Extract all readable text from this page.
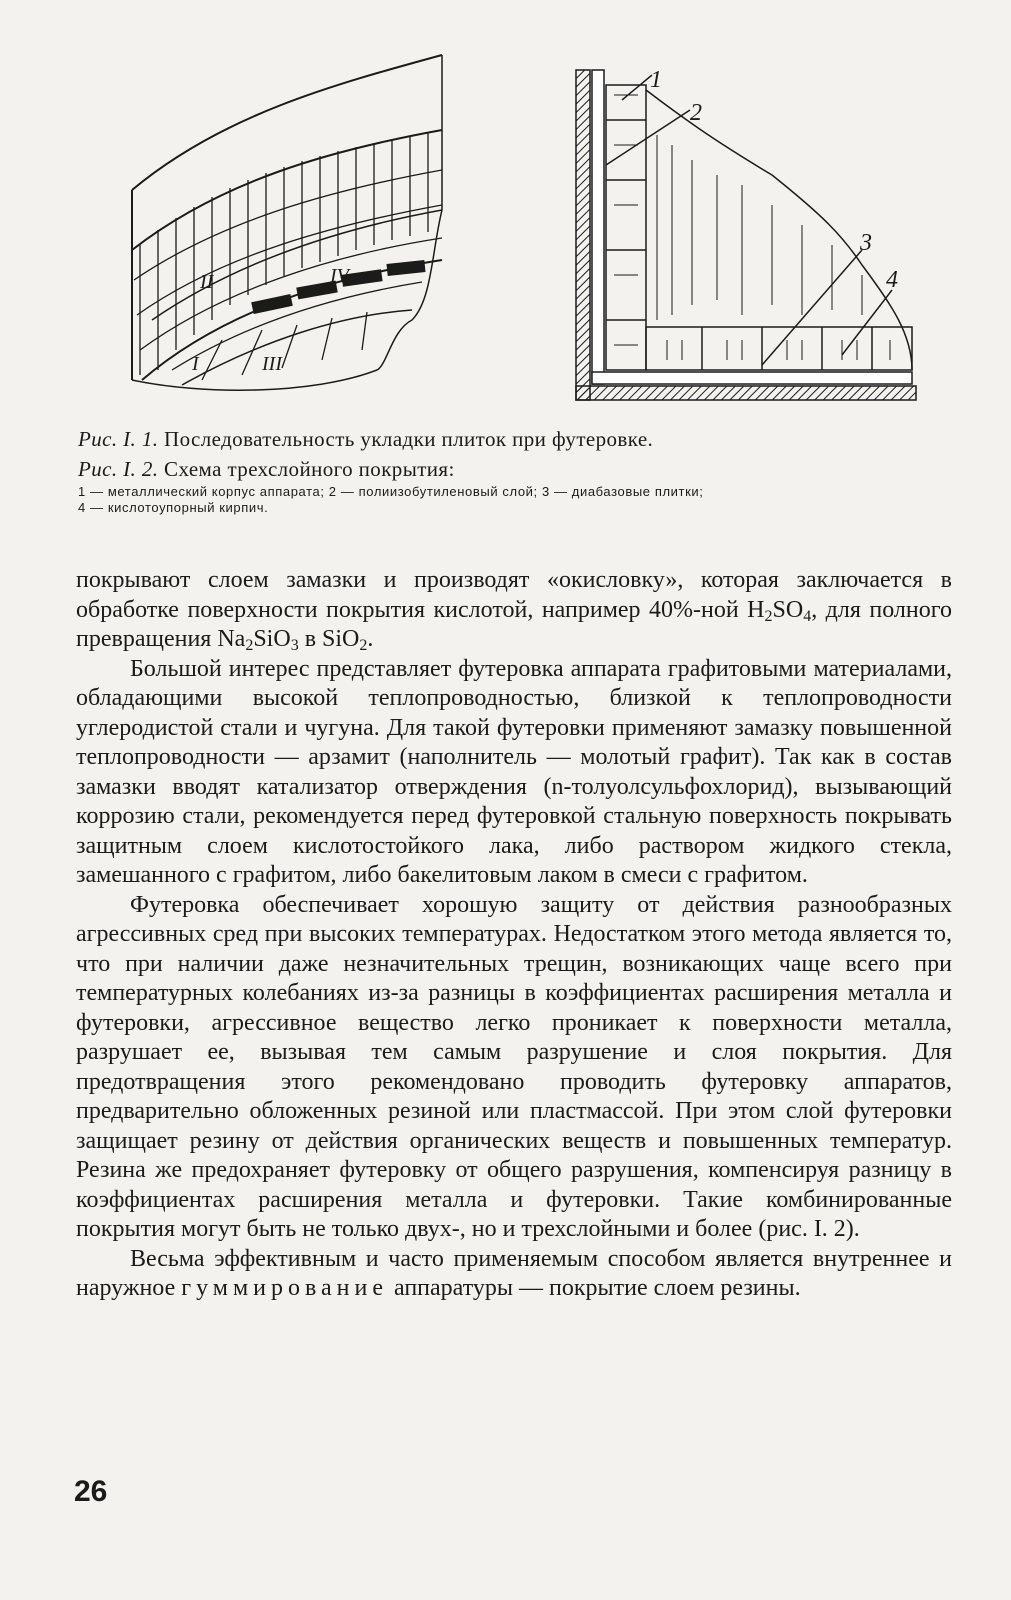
I
II
III
IV
1
2
3
4
Рис. I. 1. Последовательность укладки плиток при футеровке.
Рис. I. 2. Схема трехслойного покрытия:
1 — металлический корпус аппарата; 2 — полиизобутиленовый слой; 3 — диабазовые плитки;
4 — кислотоупорный кирпич.

покрывают слоем замазки и производят «окисловку», которая заключается в обработке поверхности покрытия кислотой, например 40%-ной $H_2SO_4$, для полного превращения $Na_2SiO_3$ в SiO$_2$.

Большой интерес представляет футеровка аппарата графитовыми материалами, обладающими высокой теплопроводностью, близкой к теплопроводности углеродистой стали и чугуна. Для такой футеровки применяют замазку повышенной теплопроводности — арзамит (наполнитель — молотый графит). Так как в состав замазки вводят катализатор отверждения (n-толуолсульфохлорид), вызывающий коррозию стали, рекомендуется перед футеровкой стальную поверхность покрывать защитным слоем кислотостойкого лака, либо раствором жидкого стекла, замешанного с графитом, либо бакелитовым лаком в смеси с графитом.

Футеровка обеспечивает хорошую защиту от действия разнообразных агрессивных сред при высоких температурах. Недостатком этого метода является то, что при наличии даже незначительных трещин, возникающих чаще всего при температурных колебаниях из-за разницы в коэффициентах расширения металла и футеровки, агрессивное вещество легко проникает к поверхности металла, разрушает ее, вызывая тем самым разрушение и слоя покрытия. Для предотвращения этого рекомендовано проводить футеровку аппаратов, предварительно обложенных резиной или пластмассой. При этом слой футеровки защищает резину от действия органических веществ и повышенных температур. Резина же предохраняет футеровку от общего разрушения, компенсируя разницу в коэффициентах расширения металла и футеровки. Такие комбинированные покрытия могут быть не только двух-, но и трехслойными и более (рис. I. 2).

Весьма эффективным и часто применяемым способом является внутреннее и наружное гуммирование аппаратуры — покрытие слоем резины.

26
